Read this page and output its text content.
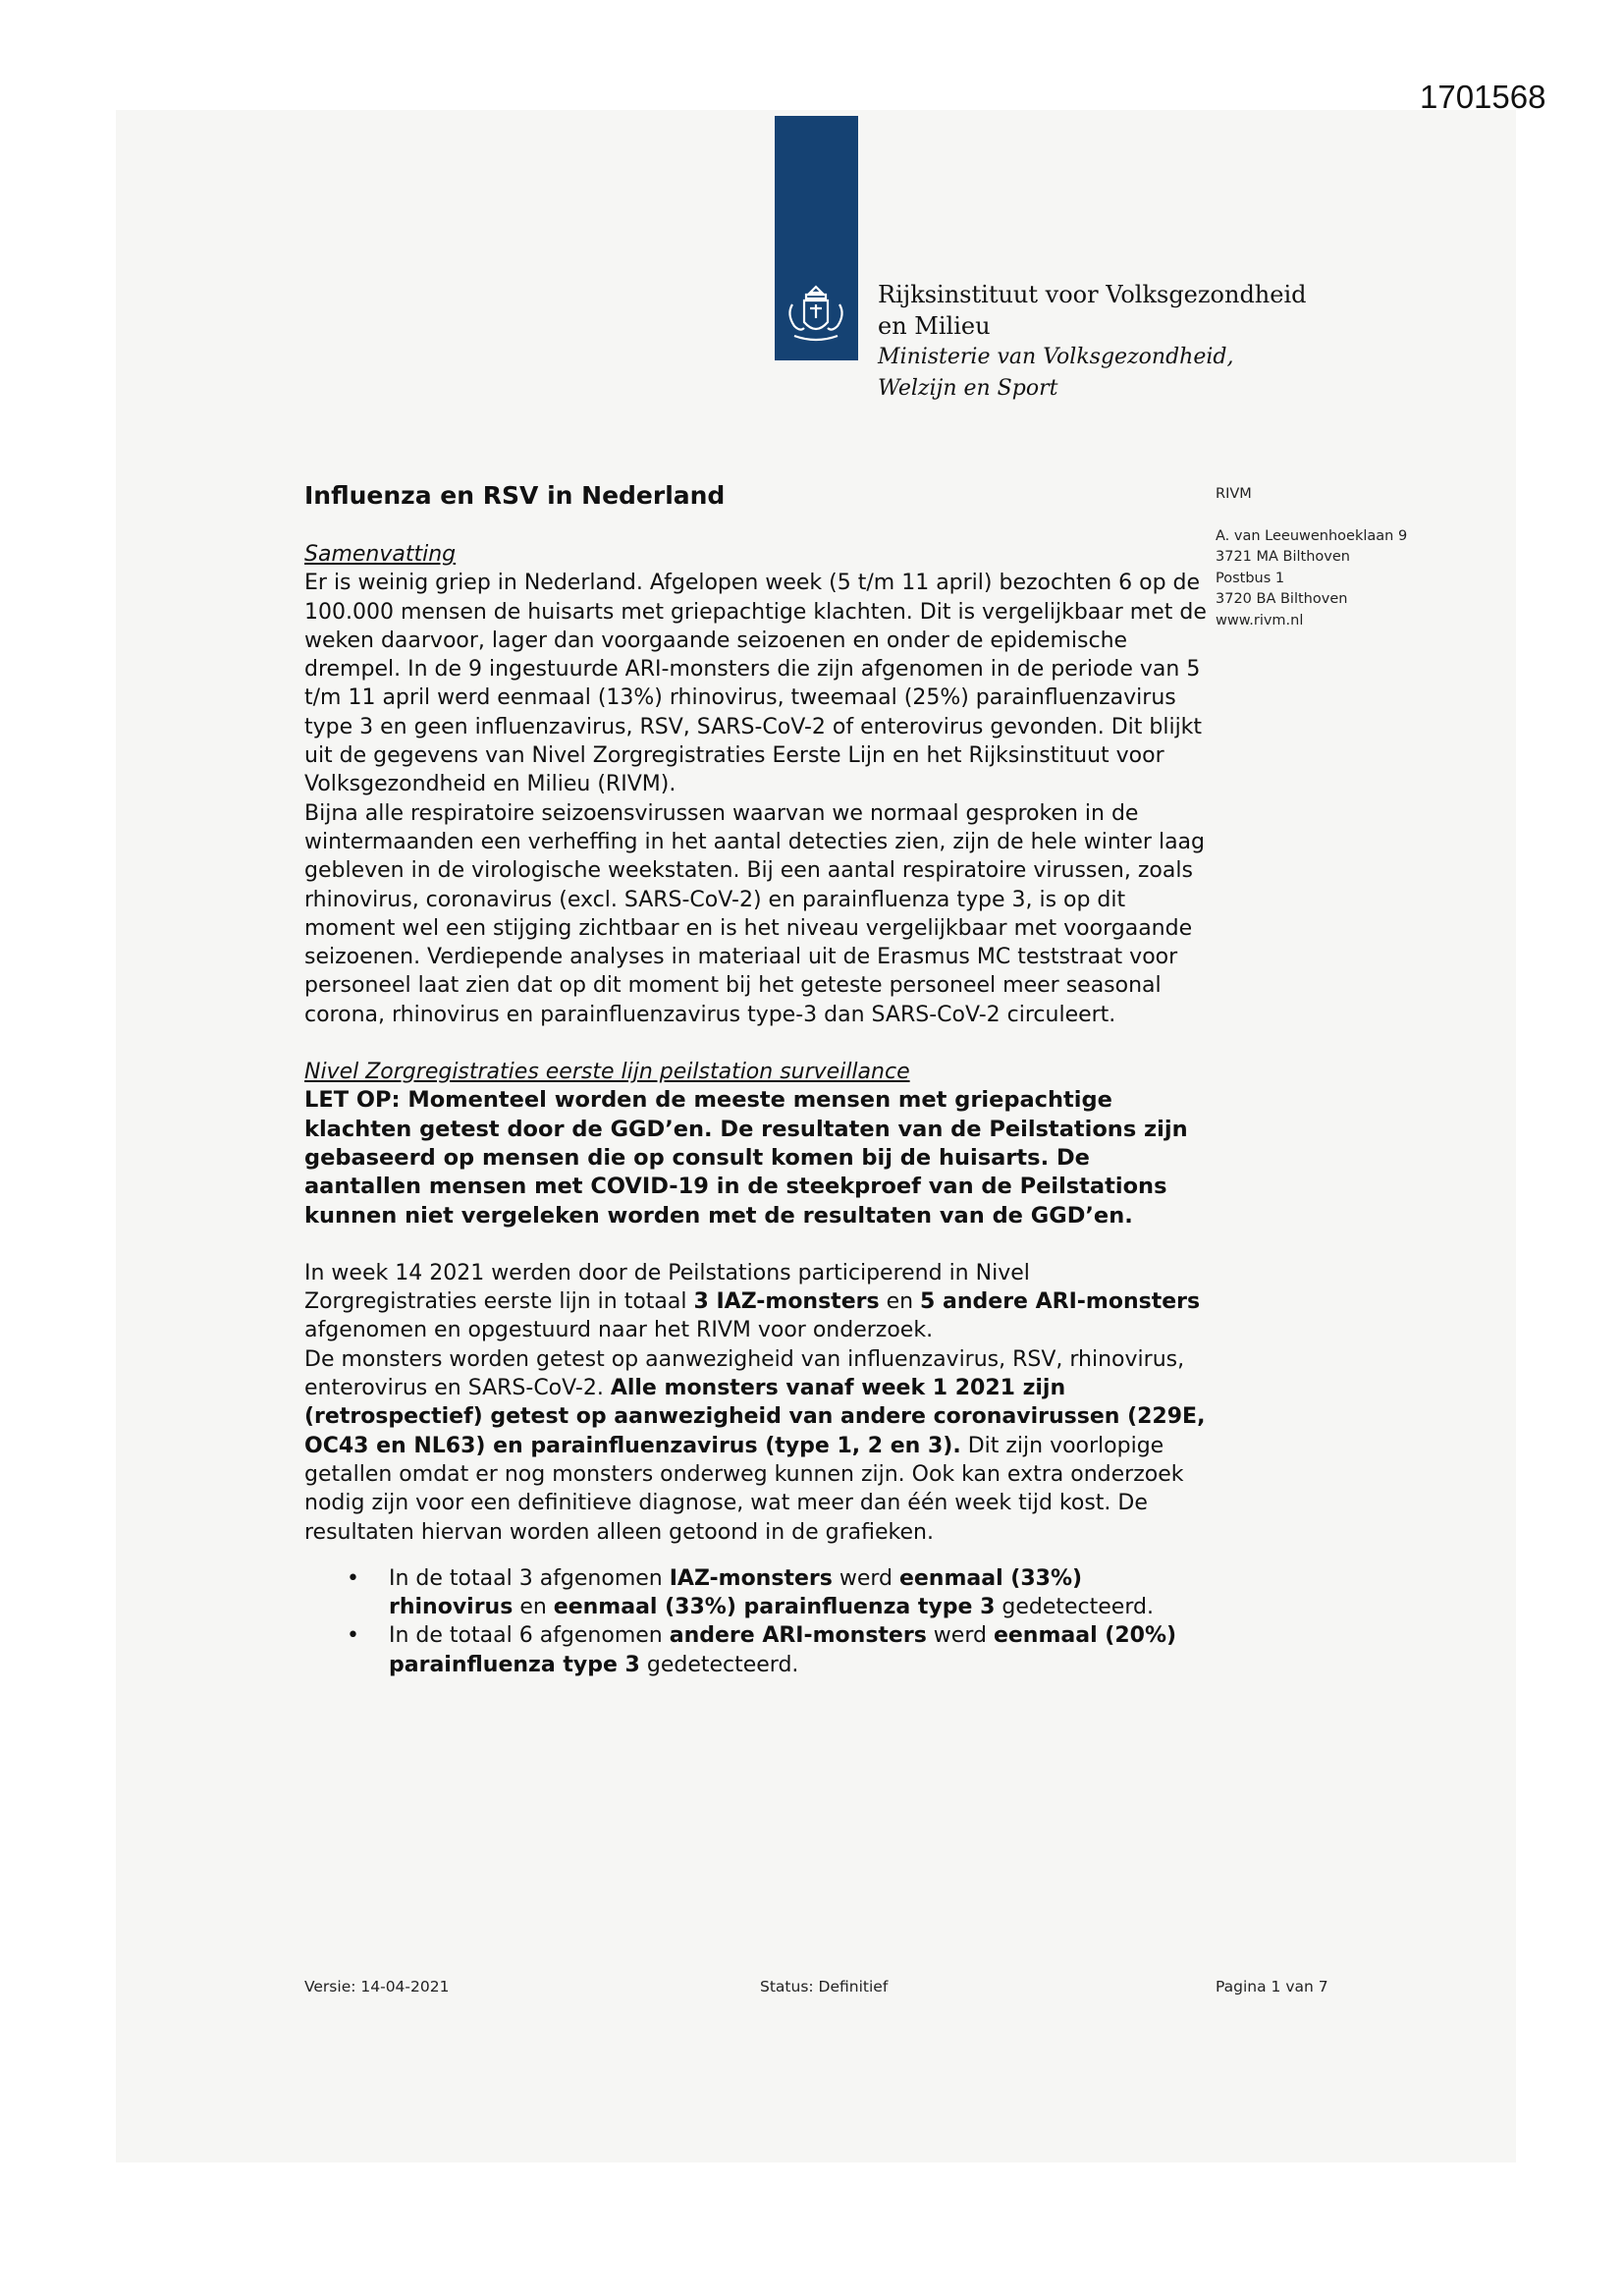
1701568
Rijksinstituut voor Volksgezondheid
en Milieu
Ministerie van Volksgezondheid,
Welzijn en Sport
Influenza en RSV in Nederland	RIVM
A. van Leeuwenhoeklaan 9
3721 MA Bilthoven
Postbus 1
3720 BA Bilthoven
www.rivm.nl

Samenvatting

Er is weinig griep in Nederland. Afgelopen week (5 t/m 11 april) bezochten 6 op de 100.000 mensen de huisarts met griepachtige klachten. Dit is vergelijkbaar met de weken daarvoor, lager dan voorgaande seizoenen en onder de epidemische drempel. In de 9 ingestuurde ARI-monsters die zijn afgenomen in de periode van 5 t/m 11 april werd eenmaal (13%) rhinovirus, tweemaal (25%) parainfluenzavirus type 3 en geen influenzavirus, RSV, SARS-CoV-2 of enterovirus gevonden. Dit blijkt uit de gegevens van Nivel Zorgregistraties Eerste Lijn en het Rijksinstituut voor Volksgezondheid en Milieu (RIVM).

Bijna alle respiratoire seizoensvirussen waarvan we normaal gesproken in de wintermaanden een verheffing in het aantal detecties zien, zijn de hele winter laag gebleven in de virologische weekstaten. Bij een aantal respiratoire virussen, zoals rhinovirus, coronavirus (excl. SARS-CoV-2) en parainfluenza type 3, is op dit moment wel een stijging zichtbaar en is het niveau vergelijkbaar met voorgaande seizoenen. Verdiepende analyses in materiaal uit de Erasmus MC teststraat voor personeel laat zien dat op dit moment bij het geteste personeel meer seasonal corona, rhinovirus en parainfluenzavirus type-3 dan SARS-CoV-2 circuleert.

Nivel Zorgregistraties eerste lijn peilstation surveillance

LET OP: Momenteel worden de meeste mensen met griepachtige klachten getest door de GGD’en. De resultaten van de Peilstations zijn gebaseerd op mensen die op consult komen bij de huisarts. De aantallen mensen met COVID-19 in de steekproef van de Peilstations kunnen niet vergeleken worden met de resultaten van de GGD’en.

In week 14 2021 werden door de Peilstations participerend in Nivel Zorgregistraties eerste lijn in totaal 3 IAZ-monsters en 5 andere ARI-monsters afgenomen en opgestuurd naar het RIVM voor onderzoek.

De monsters worden getest op aanwezigheid van influenzavirus, RSV, rhinovirus, enterovirus en SARS-CoV-2. Alle monsters vanaf week 1 2021 zijn (retrospectief) getest op aanwezigheid van andere coronavirussen (229E, OC43 en NL63) en parainfluenzavirus (type 1, 2 en 3). Dit zijn voorlopige getallen omdat er nog monsters onderweg kunnen zijn. Ook kan extra onderzoek nodig zijn voor een definitieve diagnose, wat meer dan één week tijd kost. De resultaten hiervan worden alleen getoond in de grafieken.

• In de totaal 3 afgenomen IAZ-monsters werd eenmaal (33%) rhinovirus en eenmaal (33%) parainfluenza type 3 gedetecteerd.
• In de totaal 6 afgenomen andere ARI-monsters werd eenmaal (20%) parainfluenza type 3 gedetecteerd.
Versie: 14-04-2021	Status: Definitief	Pagina 1 van 7
